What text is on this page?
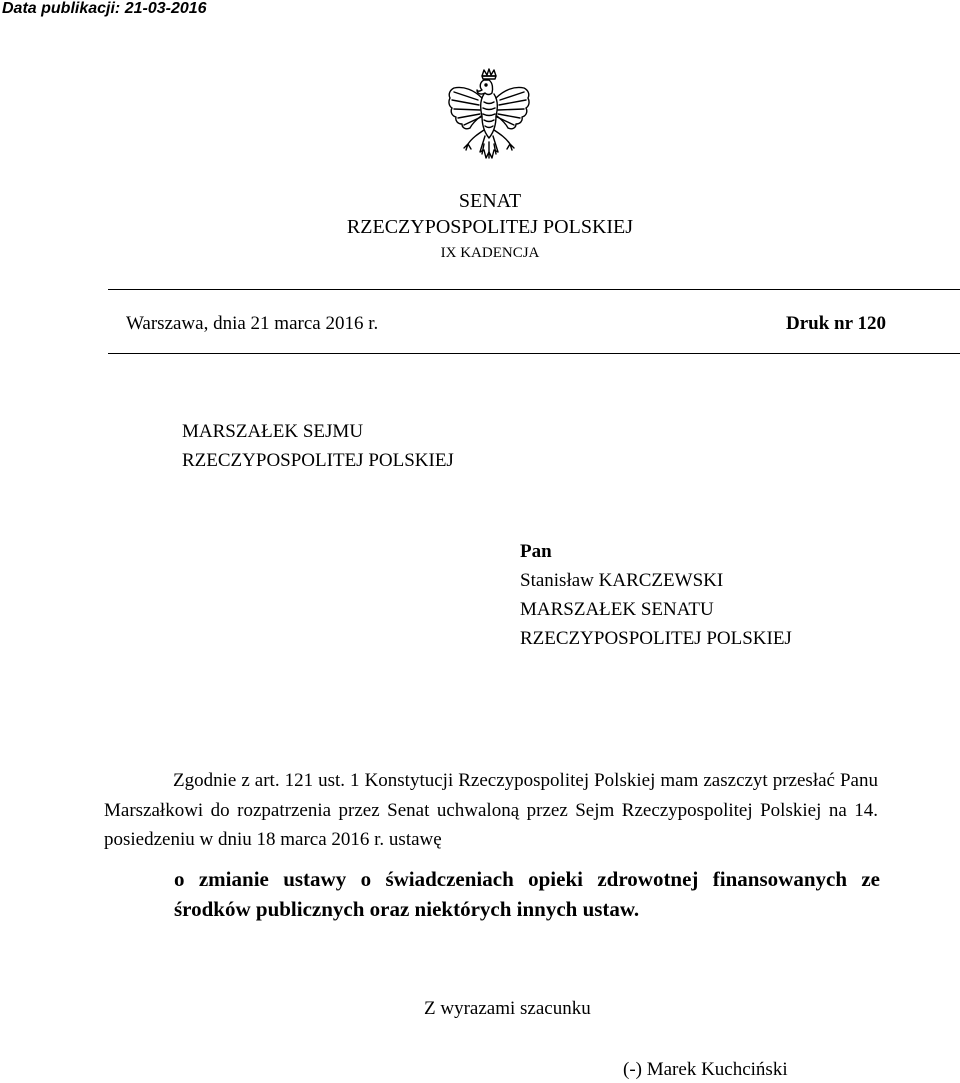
Data publikacji: 21-03-2016
SENAT
RZECZYPOSPOLITEJ POLSKIEJ
IX KADENCJA
Warszawa, dnia 21 marca 2016 r.	Druk nr 120
MARSZAŁEK SEJMU
RZECZYPOSPOLITEJ POLSKIEJ
Pan
Stanisław KARCZEWSKI
MARSZAŁEK SENATU
RZECZYPOSPOLITEJ POLSKIEJ
Zgodnie z art. 121 ust. 1 Konstytucji Rzeczypospolitej Polskiej mam zaszczyt przesłać Panu Marszałkowi do rozpatrzenia przez Senat uchwaloną przez Sejm Rzeczypospolitej Polskiej na 14. posiedzeniu w dniu 18 marca 2016 r. ustawę
o zmianie ustawy o świadczeniach opieki zdrowotnej finansowanych ze środków publicznych oraz niektórych innych ustaw.
Z wyrazami szacunku
(-) Marek Kuchciński
